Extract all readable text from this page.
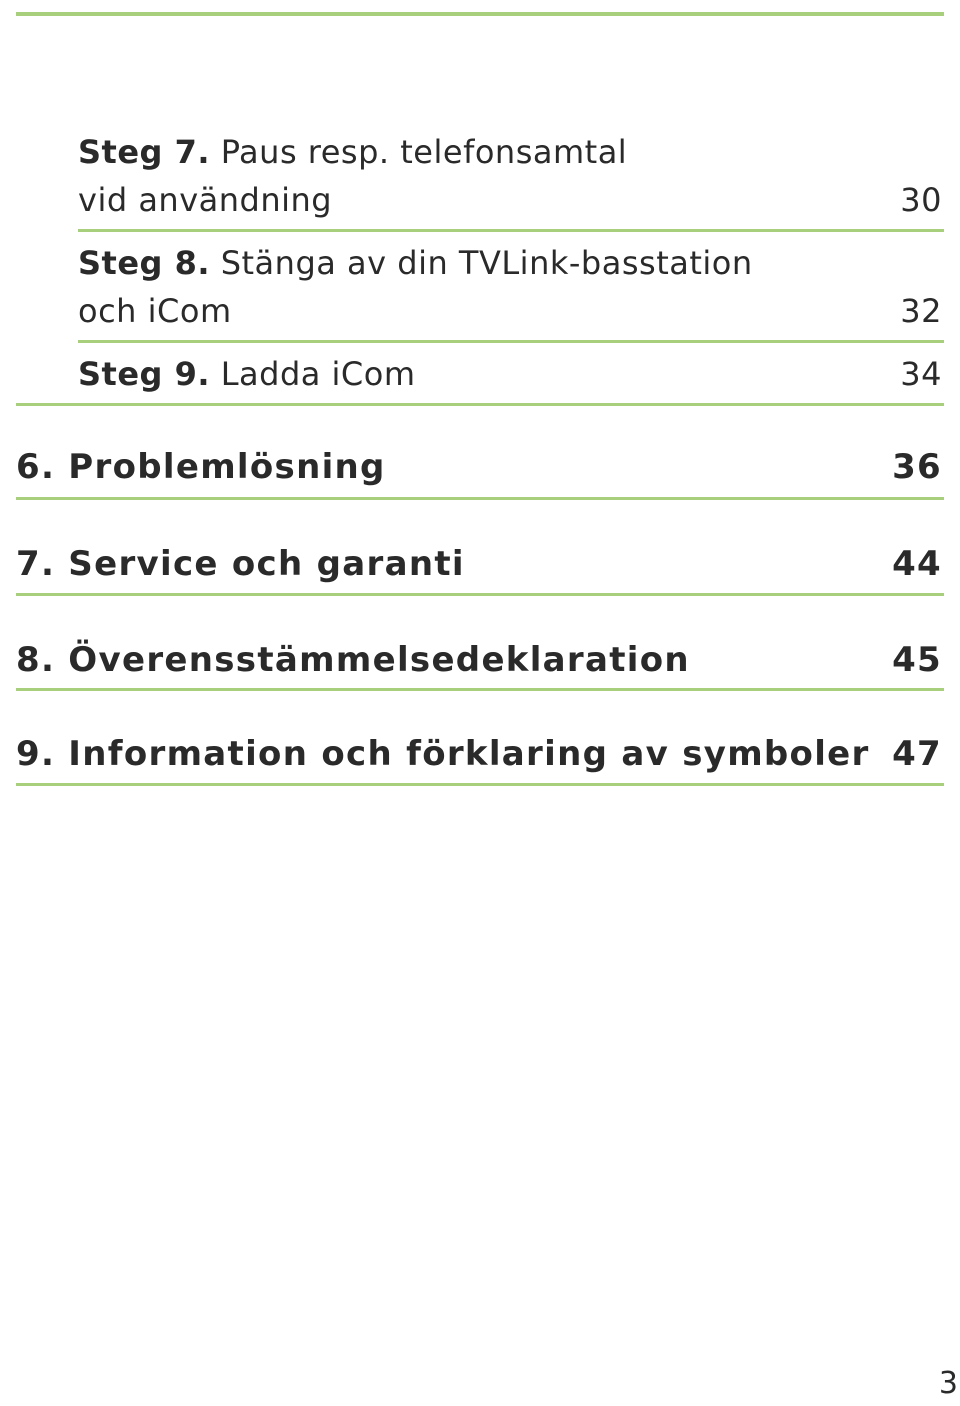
Steg 7. Paus resp. telefonsamtal
vid användning	30
Steg 8. Stänga av din TVLink-basstation
och iCom	32
Steg 9. Ladda iCom	34
6. Problemlösning	36
7. Service och garanti	44
8. Överensstämmelsedeklaration	45
9. Information och förklaring av symboler 47
3
